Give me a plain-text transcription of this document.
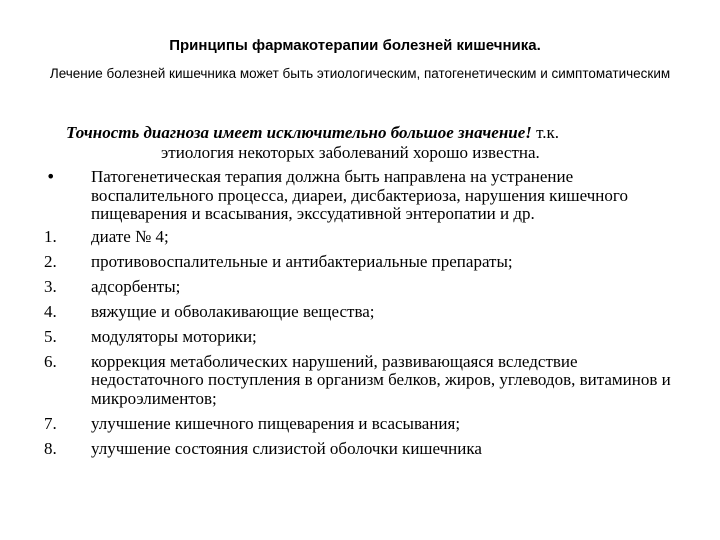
Принципы фармакотерапии болезней кишечника.
Лечение болезней кишечника может быть этиологическим, патогенетическим и симптоматическим
Точность диагноза имеет исключительно большое значение! т.к.
этиология некоторых заболеваний хорошо известна.
•	Патогенетическая терапия должна быть направлена на устранение воспалительного процесса, диареи, дисбактериоза, нарушения кишечного пищеварения и всасывания, экссудативной энтеропатии и др.
1.	диате № 4;
2.	противовоспалительные и антибактериальные препараты;
3.	адсорбенты;
4.	вяжущие и обволакивающие вещества;
5.	модуляторы моторики;
6.	коррекция метаболических нарушений, развивающаяся вследствие недостаточного поступления в организм белков, жиров, углеводов, витаминов и микроэлиментов;
7.	улучшение кишечного пищеварения и всасывания;
8.	улучшение состояния слизистой оболочки кишечника
